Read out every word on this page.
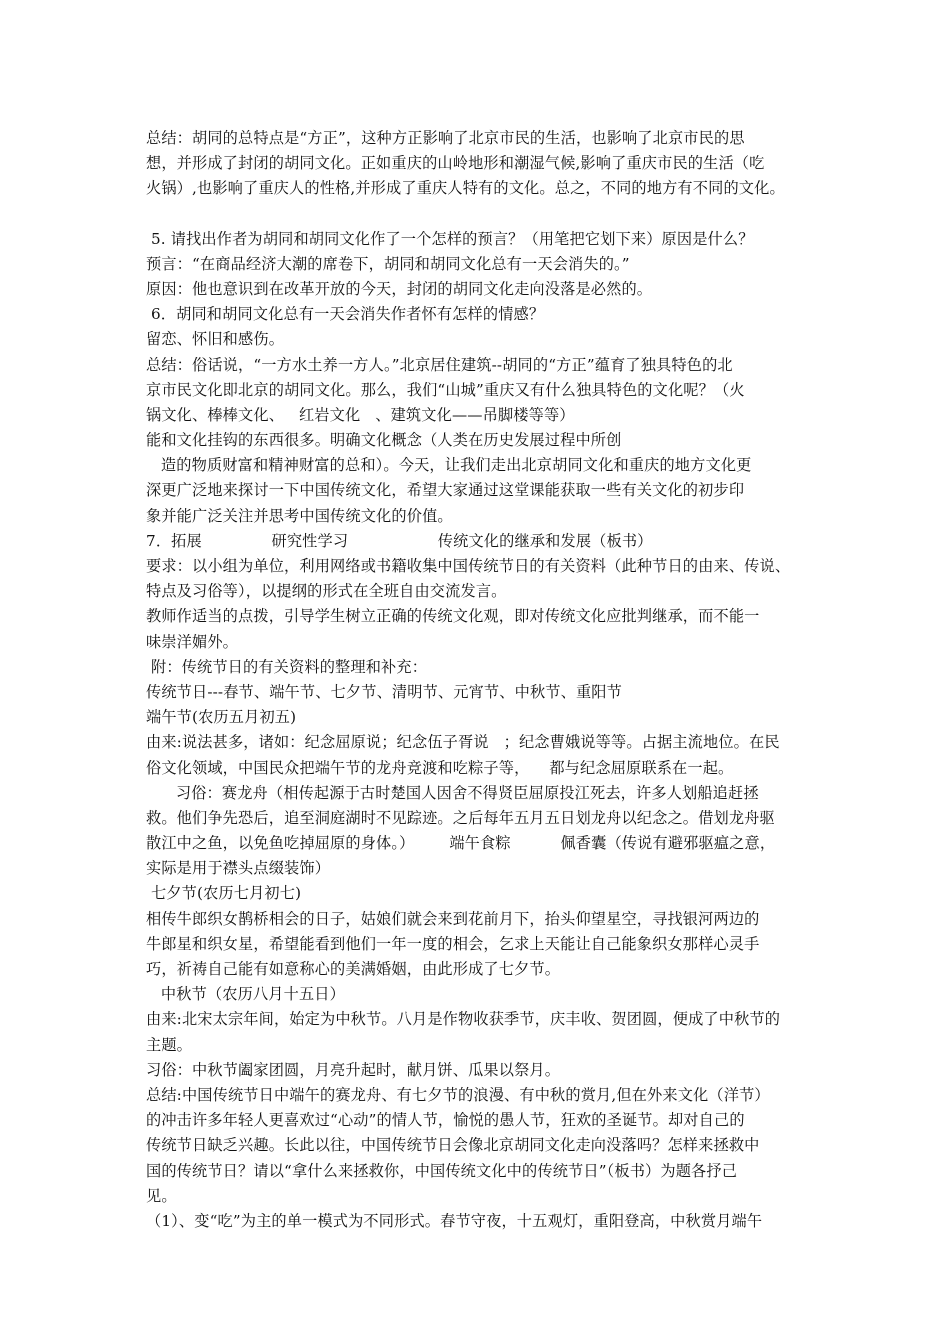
总结：胡同的总特点是“方正”，这种方正影响了北京市民的生活，也影响了北京市民的思
想，并形成了封闭的胡同文化。正如重庆的山岭地形和潮湿气候,影响了重庆市民的生活（吃
火锅）,也影响了重庆人的性格,并形成了重庆人特有的文化。总之，不同的地方有不同的文化。
5. 请找出作者为胡同和胡同文化作了一个怎样的预言？（用笔把它划下来）原因是什么？
预言：“在商品经济大潮的席卷下，胡同和胡同文化总有一天会消失的。”
原因：他也意识到在改革开放的今天，封闭的胡同文化走向没落是必然的。
6．胡同和胡同文化总有一天会消失作者怀有怎样的情感？
留恋、怀旧和感伤。
总结：俗话说，“一方水土养一方人。”北京居住建筑--胡同的“方正”蕴育了独具特色的北
京市民文化即北京的胡同文化。那么，我们“山城”重庆又有什么独具特色的文化呢？（火
锅文化、棒棒文化、   红岩文化   、建筑文化——吊脚楼等等）
能和文化挂钩的东西很多。明确文化概念（人类在历史发展过程中所创
造的物质财富和精神财富的总和）。今天，让我们走出北京胡同文化和重庆的地方文化更
深更广泛地来探讨一下中国传统文化，希望大家通过这堂课能获取一些有关文化的初步印
象并能广泛关注并思考中国传统文化的价值。
7．拓展              研究性学习                  传统文化的继承和发展（板书）
要求：以小组为单位，利用网络或书籍收集中国传统节日的有关资料（此种节日的由来、传说、
特点及习俗等），以提纲的形式在全班自由交流发言。
教师作适当的点拨，引导学生树立正确的传统文化观，即对传统文化应批判继承，而不能一
味崇洋媚外。
附：传统节日的有关资料的整理和补充：
传统节日---春节、端午节、七夕节、清明节、元宵节、中秋节、重阳节
端午节(农历五月初五)
由来:说法甚多，诸如：纪念屈原说；纪念伍子胥说   ；纪念曹娥说等等。占据主流地位。在民
俗文化领域，中国民众把端午节的龙舟竞渡和吃粽子等，    都与纪念屈原联系在一起。
习俗：赛龙舟（相传起源于古时楚国人因舍不得贤臣屈原投江死去，许多人划船追赶拯
救。他们争先恐后，追至洞庭湖时不见踪迹。之后每年五月五日划龙舟以纪念之。借划龙舟驱
散江中之鱼，以免鱼吃掉屈原的身体。）       端午食粽          佩香囊（传说有避邪驱瘟之意，
实际是用于襟头点缀装饰）
七夕节(农历七月初七)
相传牛郎织女鹊桥相会的日子，姑娘们就会来到花前月下，抬头仰望星空，寻找银河两边的
牛郎星和织女星，希望能看到他们一年一度的相会，乞求上天能让自己能象织女那样心灵手
巧，祈祷自己能有如意称心的美满婚姻，由此形成了七夕节。
中秋节（农历八月十五日）
由来:北宋太宗年间，始定为中秋节。八月是作物收获季节，庆丰收、贺团圆，便成了中秋节的
主题。
习俗：中秋节阖家团圆，月亮升起时，献月饼、瓜果以祭月。
总结:中国传统节日中端午的赛龙舟、有七夕节的浪漫、有中秋的赏月,但在外来文化（洋节）
的冲击许多年轻人更喜欢过“心动”的情人节，愉悦的愚人节，狂欢的圣诞节。却对自己的
传统节日缺乏兴趣。长此以往，中国传统节日会像北京胡同文化走向没落吗？怎样来拯救中
国的传统节日？请以“拿什么来拯救你，中国传统文化中的传统节日”（板书）为题各抒己
见。
（1）、变“吃”为主的单一模式为不同形式。春节守夜，十五观灯，重阳登高，中秋赏月端午
